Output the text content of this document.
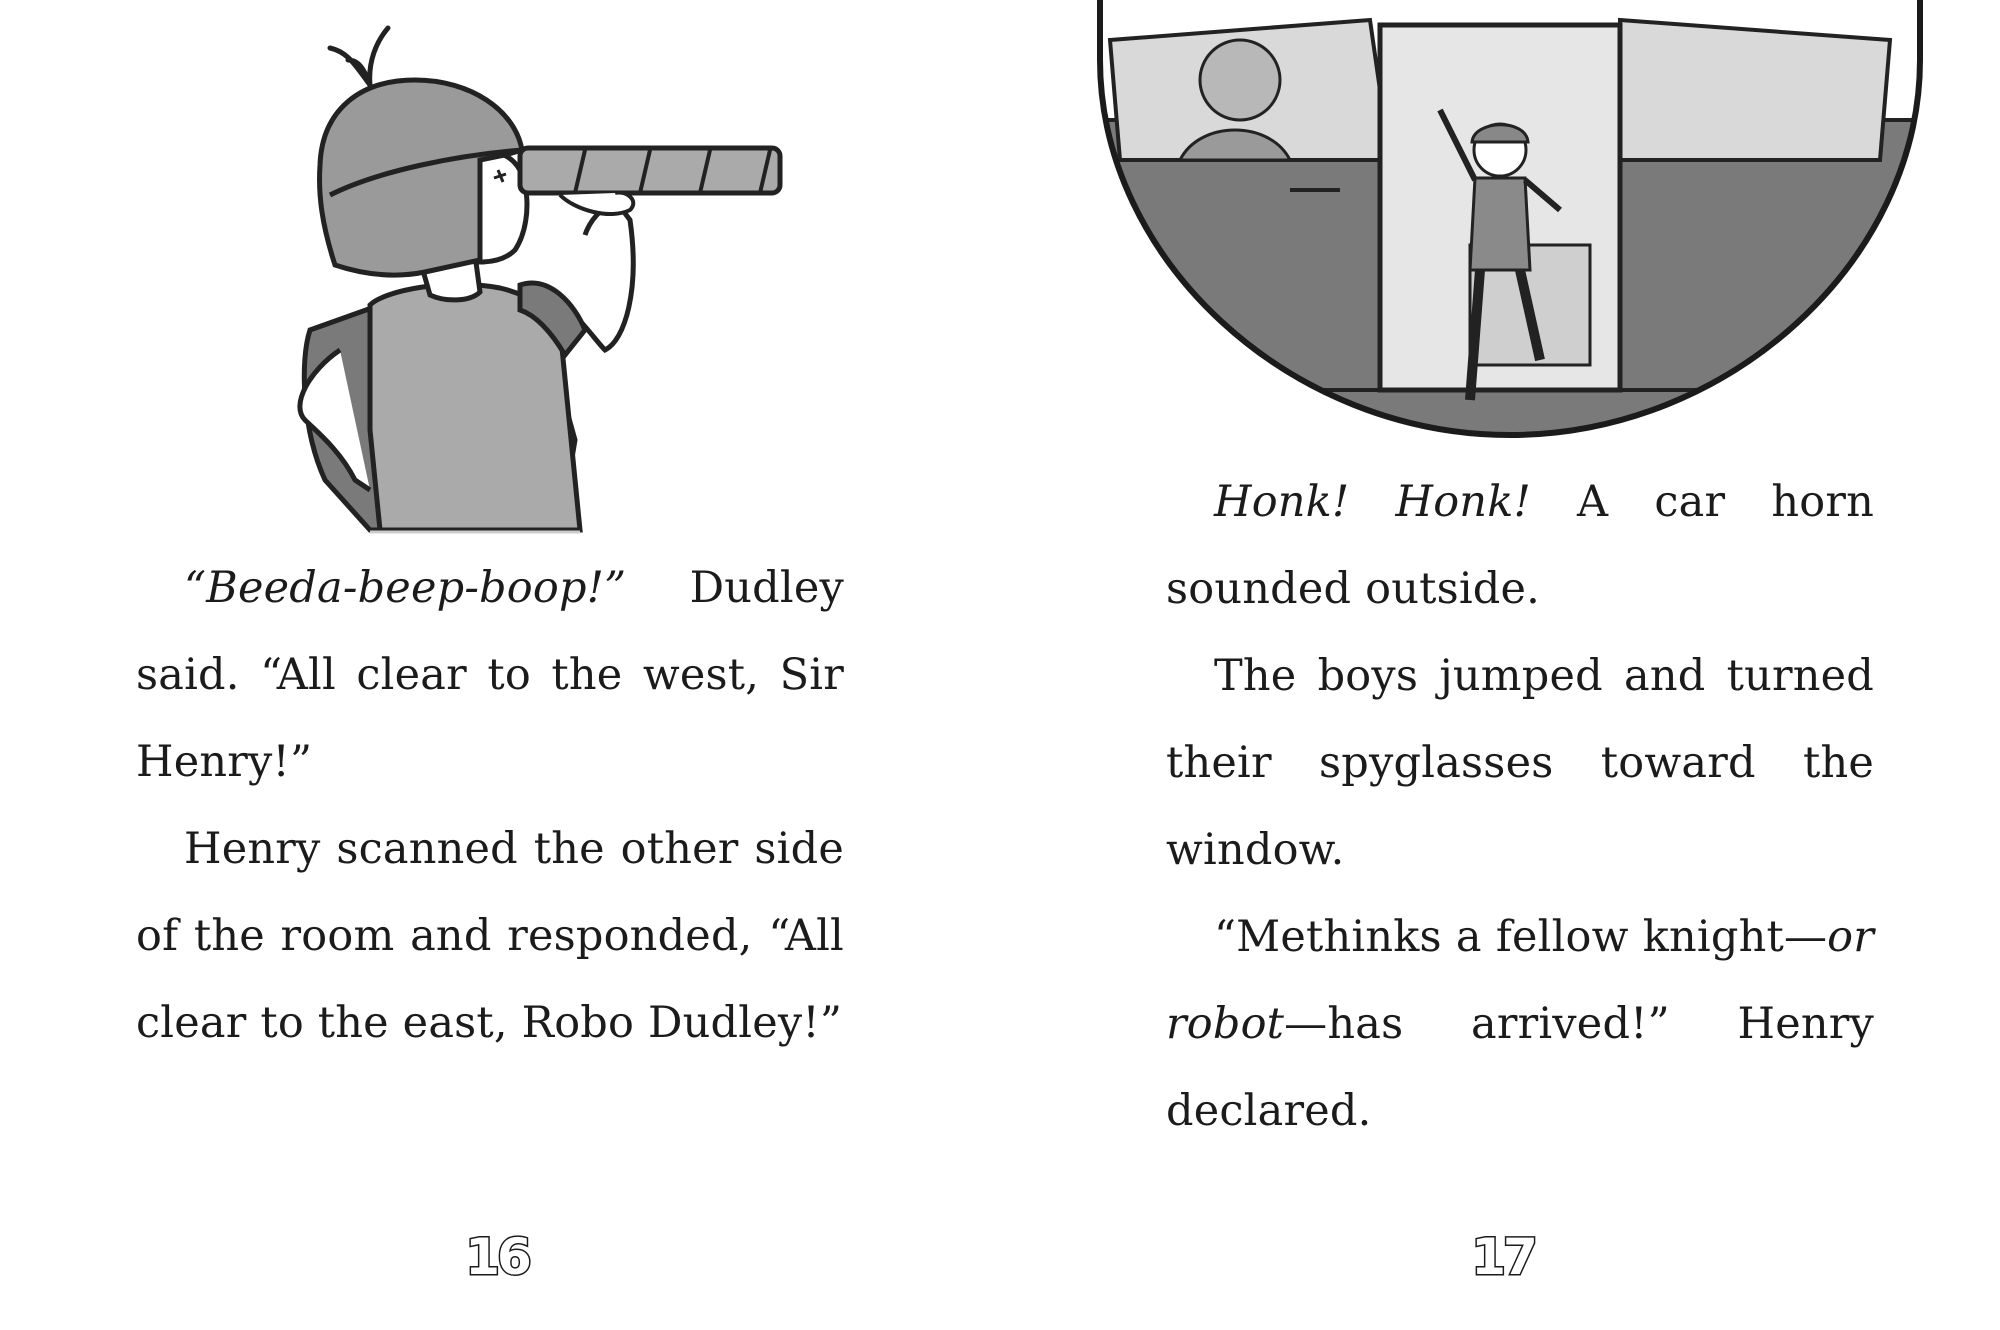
“Beeda-beep-boop!” Dudley said. “All clear to the west, Sir Henry!”

Henry scanned the other side of the room and responded, “All clear to the east, Robo Dudley!”

16

Honk! Honk! A car horn sounded outside.

The boys jumped and turned their spyglasses toward the window.

“Methinks a fellow knight—or robot—has arrived!” Henry declared.

17
